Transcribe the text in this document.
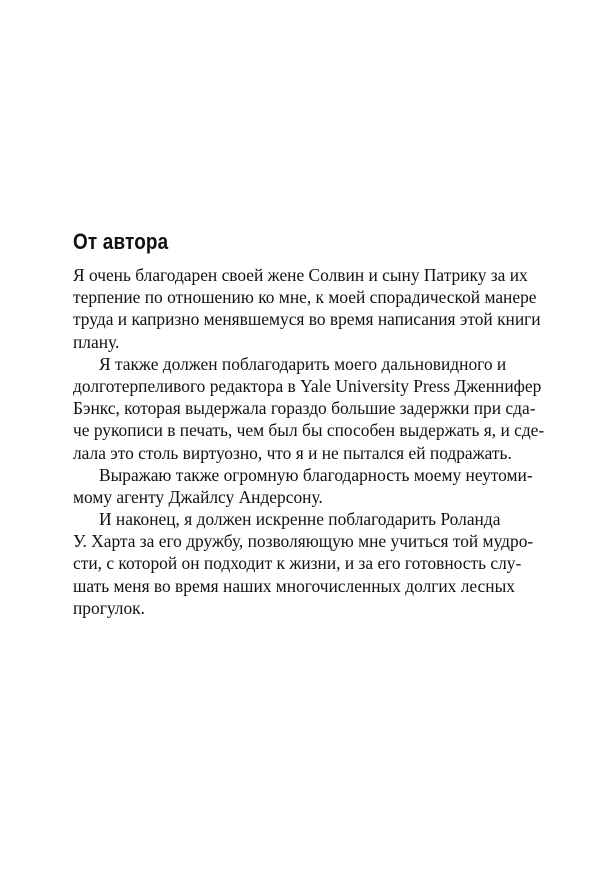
От автора
Я очень благодарен своей жене Солвин и сыну Патрику за их
терпение по отношению ко мне, к моей спорадической манере
труда и капризно менявшемуся во время написания этой книги
плану.
Я также должен поблагодарить моего дальновидного и
долготерпеливого редактора в Yale University Press Дженнифер
Бэнкс, которая выдержала гораздо большие задержки при сда-
че рукописи в печать, чем был бы способен выдержать я, и сде-
лала это столь виртуозно, что я и не пытался ей подражать.
Выражаю также огромную благодарность моему неутоми-
мому агенту Джайлсу Андерсону.
И наконец, я должен искренне поблагодарить Роланда
У. Харта за его дружбу, позволяющую мне учиться той мудро-
сти, с которой он подходит к жизни, и за его готовность слу-
шать меня во время наших многочисленных долгих лесных
прогулок.
